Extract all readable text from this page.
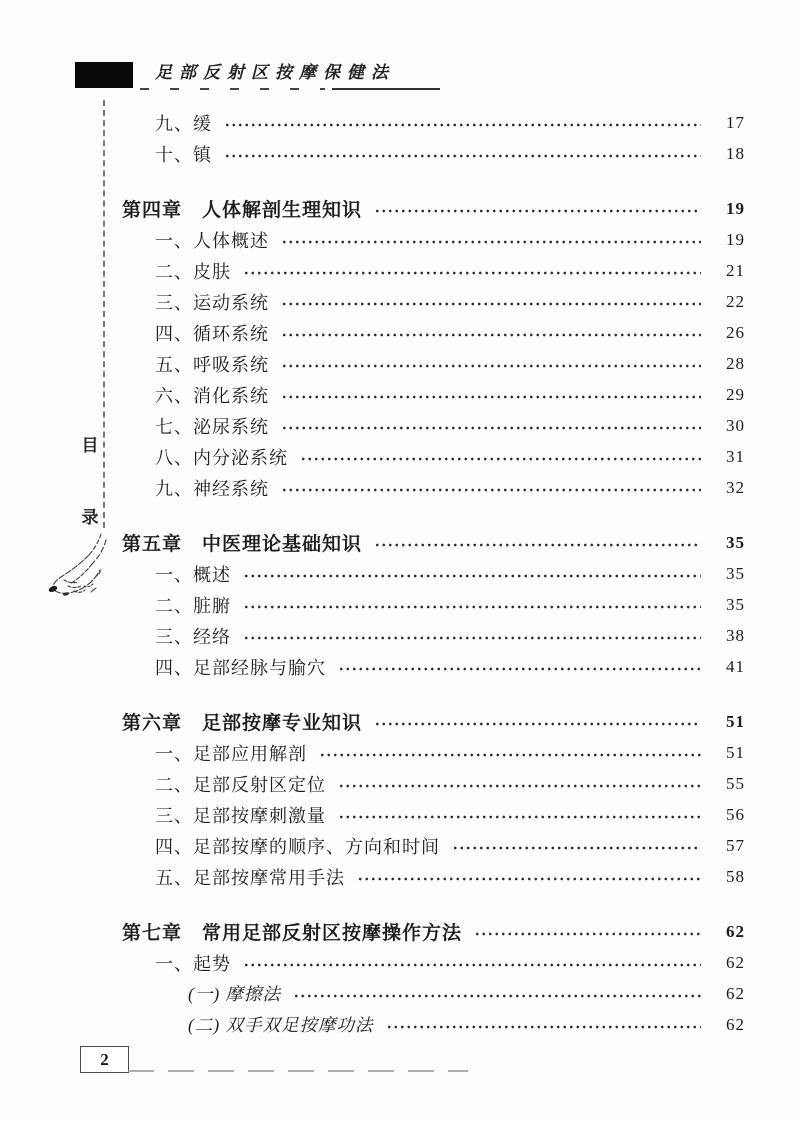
足部反射区按摩保健法
目
录
九、缓	17
十、镇	18
第四章　人体解剖生理知识	19
一、人体概述	19
二、皮肤	21
三、运动系统	22
四、循环系统	26
五、呼吸系统	28
六、消化系统	29
七、泌尿系统	30
八、内分泌系统	31
九、神经系统	32
第五章　中医理论基础知识	35
一、概述	35
二、脏腑	35
三、经络	38
四、足部经脉与腧穴	41
第六章　足部按摩专业知识	51
一、足部应用解剖	51
二、足部反射区定位	55
三、足部按摩刺激量	56
四、足部按摩的顺序、方向和时间	57
五、足部按摩常用手法	58
第七章　常用足部反射区按摩操作方法	62
一、起势	62
(一) 摩擦法	62
(二) 双手双足按摩功法	62
2
